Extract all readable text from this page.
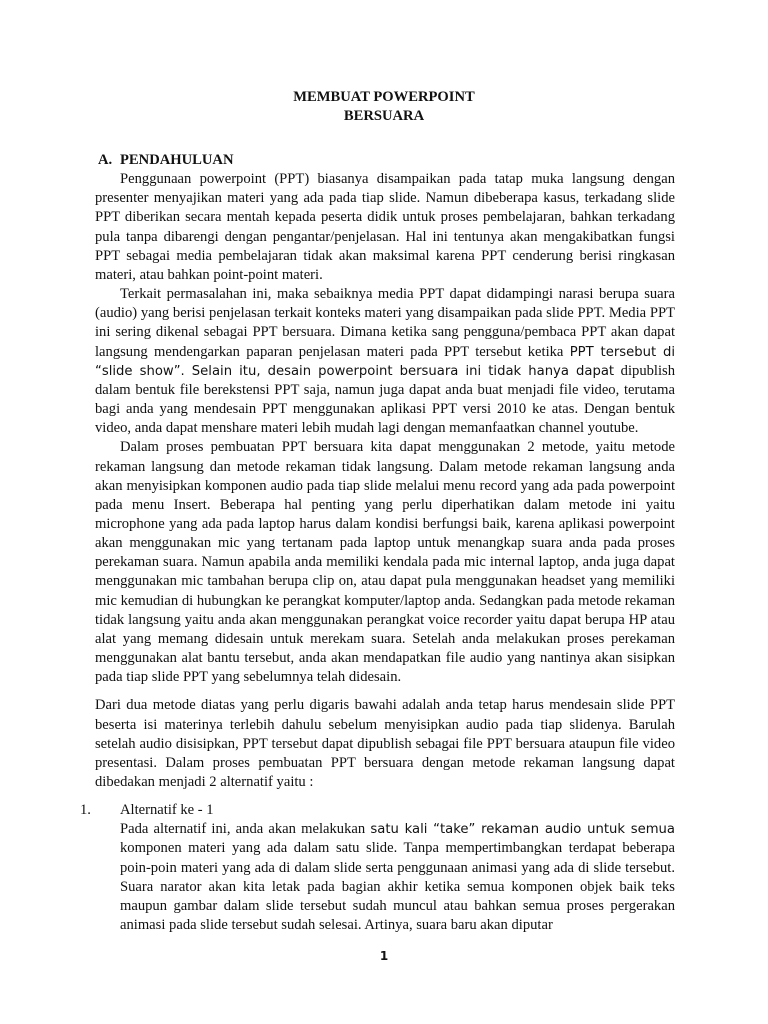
MEMBUAT POWERPOINT
BERSUARA
A. PENDAHULUAN

Penggunaan powerpoint (PPT) biasanya disampaikan pada tatap muka langsung dengan presenter menyajikan materi yang ada pada tiap slide. Namun dibeberapa kasus, terkadang slide PPT diberikan secara mentah kepada peserta didik untuk proses pembelajaran, bahkan terkadang pula tanpa dibarengi dengan pengantar/penjelasan. Hal ini tentunya akan mengakibatkan fungsi PPT sebagai media pembelajaran tidak akan maksimal karena PPT cenderung berisi ringkasan materi, atau bahkan point-point materi.

Terkait permasalahan ini, maka sebaiknya media PPT dapat didampingi narasi berupa suara (audio) yang berisi penjelasan terkait konteks materi yang disampaikan pada slide PPT. Media PPT ini sering dikenal sebagai PPT bersuara. Dimana ketika sang pengguna/pembaca PPT akan dapat langsung mendengarkan paparan penjelasan materi pada PPT tersebut ketika PPT tersebut di “slide show”. Selain itu, desain powerpoint bersuara ini tidak hanya dapat dipublish dalam bentuk file berekstensi PPT saja, namun juga dapat anda buat menjadi file video, terutama bagi anda yang mendesain PPT menggunakan aplikasi PPT versi 2010 ke atas. Dengan bentuk video, anda dapat menshare materi lebih mudah lagi dengan memanfaatkan channel youtube.

Dalam proses pembuatan PPT bersuara kita dapat menggunakan 2 metode, yaitu metode rekaman langsung dan metode rekaman tidak langsung. Dalam metode rekaman langsung anda akan menyisipkan komponen audio pada tiap slide melalui menu record yang ada pada powerpoint pada menu Insert. Beberapa hal penting yang perlu diperhatikan dalam metode ini yaitu microphone yang ada pada laptop harus dalam kondisi berfungsi baik, karena aplikasi powerpoint akan menggunakan mic yang tertanam pada laptop untuk menangkap suara anda pada proses perekaman suara. Namun apabila anda memiliki kendala pada mic internal laptop, anda juga dapat menggunakan mic tambahan berupa clip on, atau dapat pula menggunakan headset yang memiliki mic kemudian di hubungkan ke perangkat komputer/laptop anda. Sedangkan pada metode rekaman tidak langsung yaitu anda akan menggunakan perangkat voice recorder yaitu dapat berupa HP atau alat yang memang didesain untuk merekam suara. Setelah anda melakukan proses perekaman menggunakan alat bantu tersebut, anda akan mendapatkan file audio yang nantinya akan sisipkan pada tiap slide PPT yang sebelumnya telah didesain.

Dari dua metode diatas yang perlu digaris bawahi adalah anda tetap harus mendesain slide PPT beserta isi materinya terlebih dahulu sebelum menyisipkan audio pada tiap slidenya. Barulah setelah audio disisipkan, PPT tersebut dapat dipublish sebagai file PPT bersuara ataupun file video presentasi. Dalam proses pembuatan PPT bersuara dengan metode rekaman langsung dapat dibedakan menjadi 2 alternatif yaitu :

1. Alternatif ke - 1

Pada alternatif ini, anda akan melakukan satu kali “take” rekaman audio untuk semua komponen materi yang ada dalam satu slide. Tanpa mempertimbangkan terdapat beberapa poin-poin materi yang ada di dalam slide serta penggunaan animasi yang ada di slide tersebut. Suara narator akan kita letak pada bagian akhir ketika semua komponen objek baik teks maupun gambar dalam slide tersebut sudah muncul atau bahkan semua proses pergerakan animasi pada slide tersebut sudah selesai. Artinya, suara baru akan diputar

1
